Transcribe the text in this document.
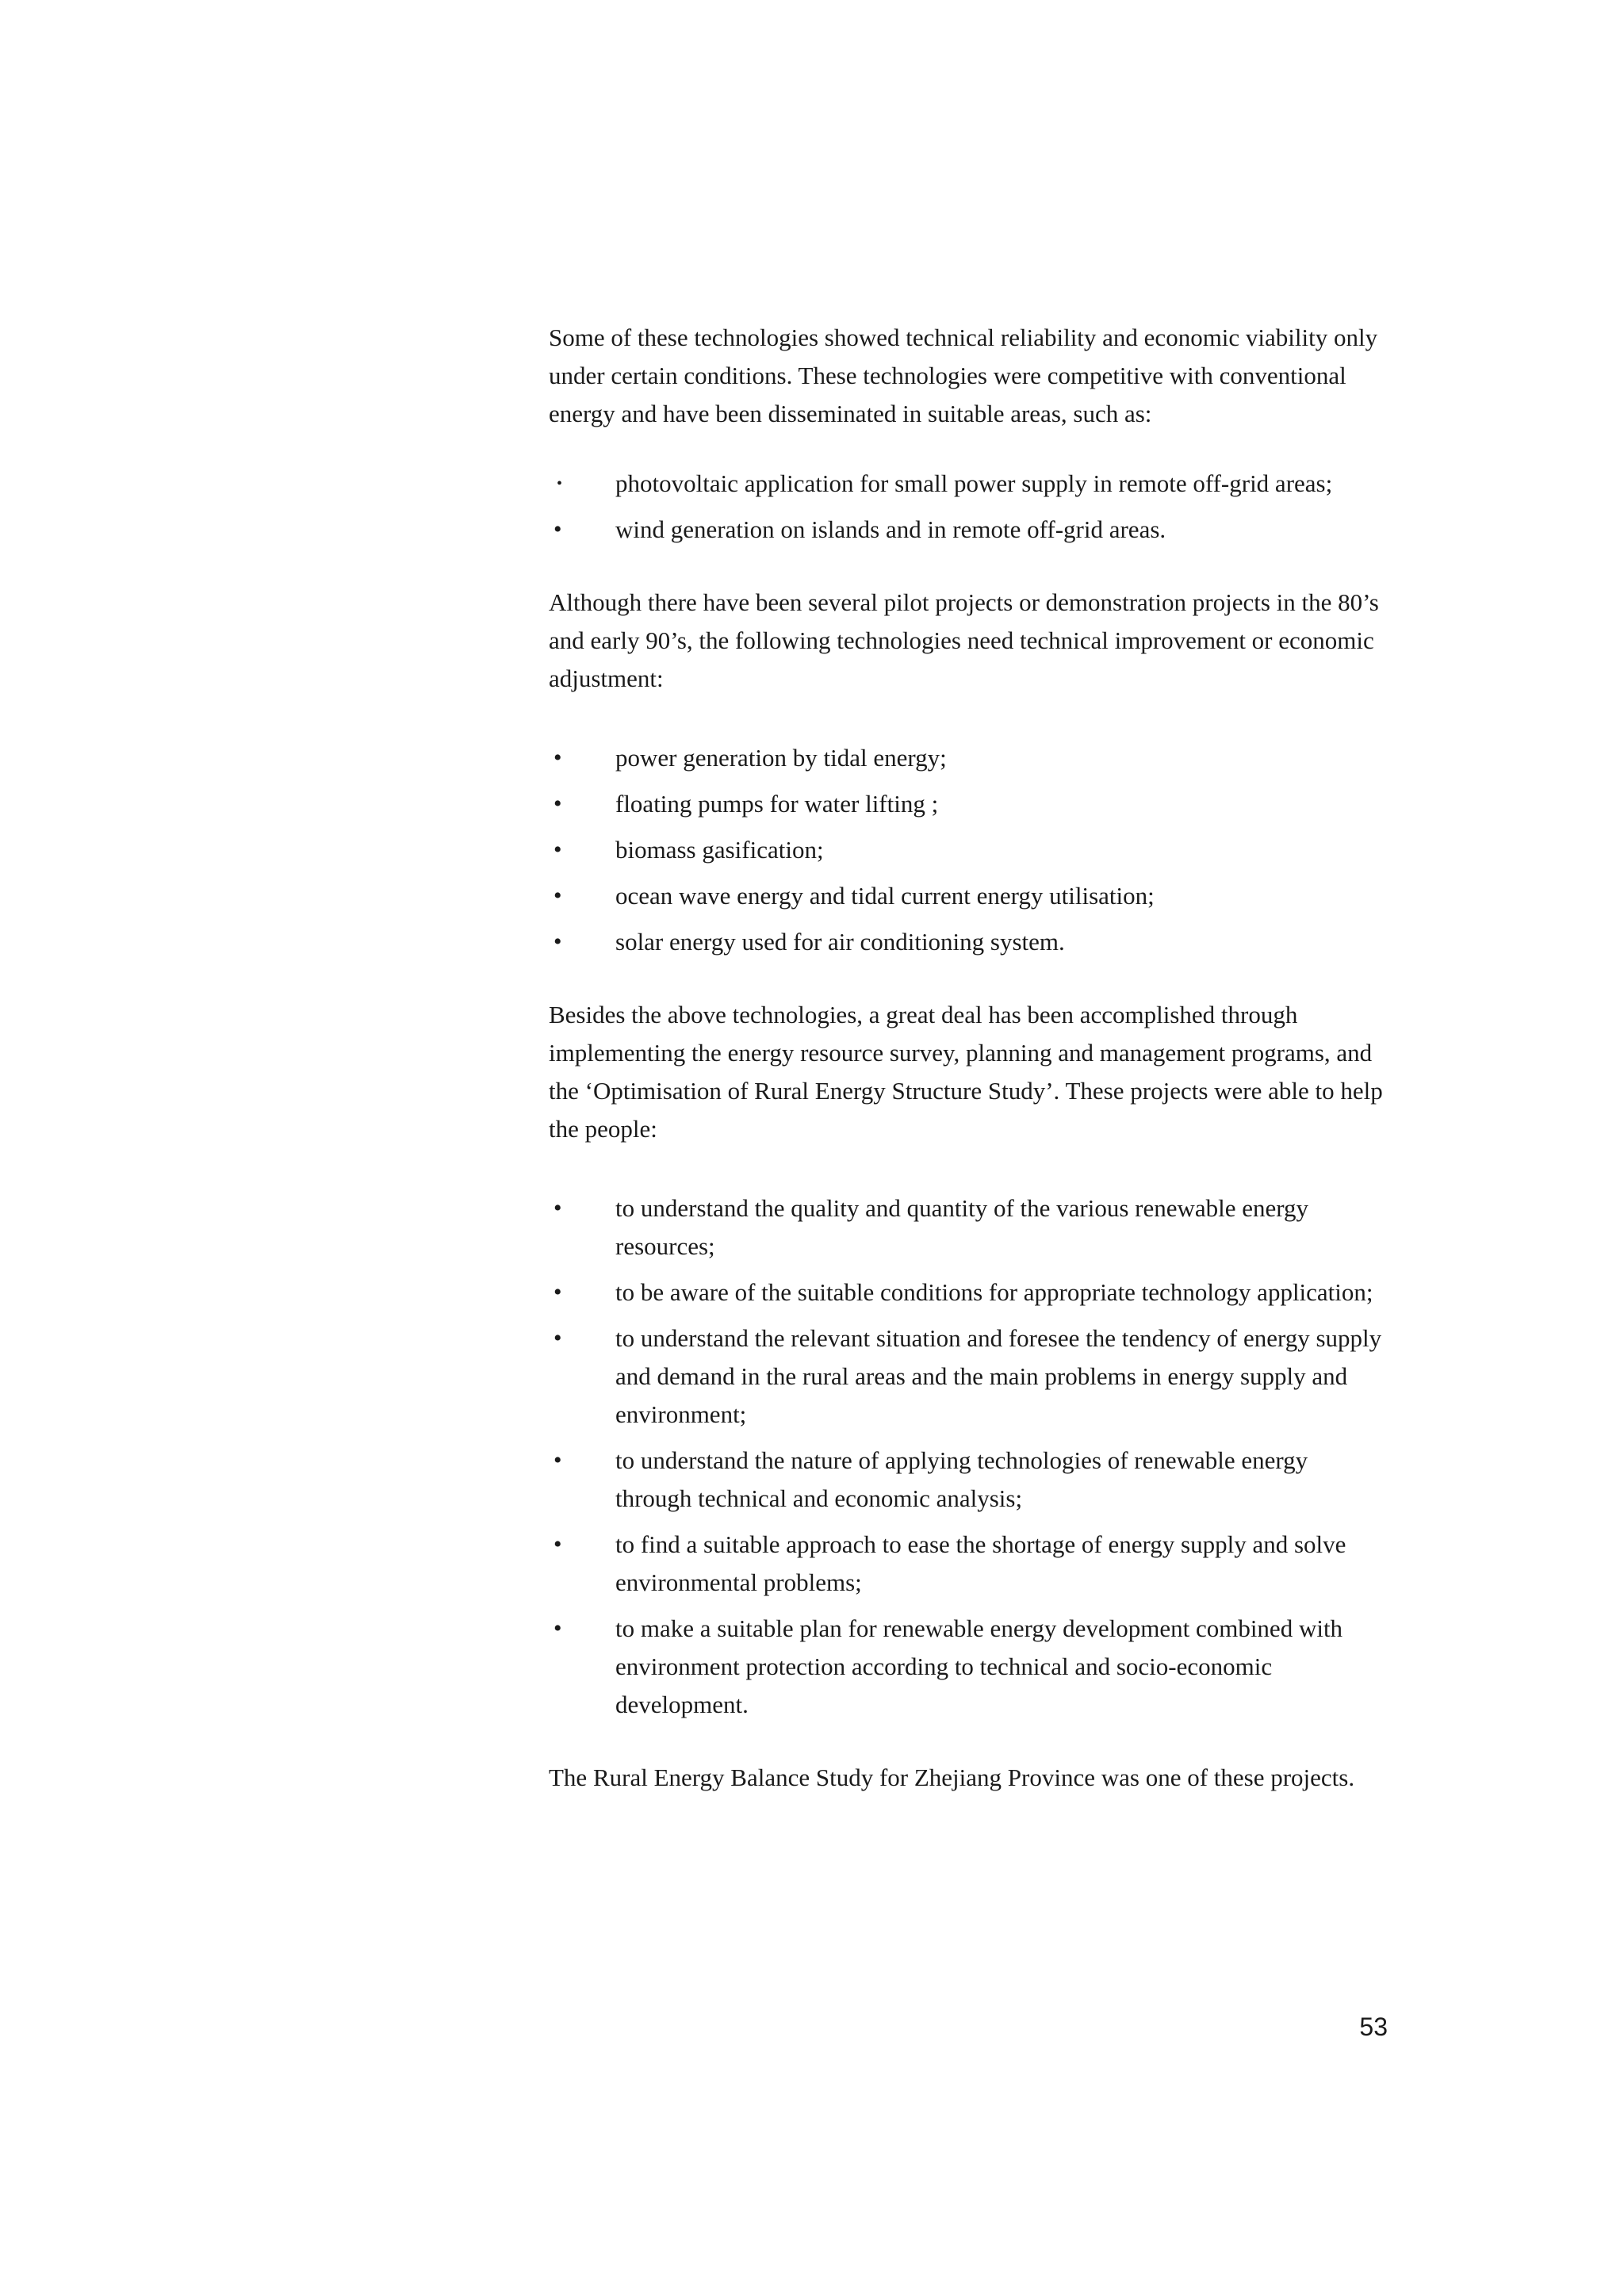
Some of these technologies showed technical reliability and economic viability only under certain conditions. These technologies were competitive with conventional energy and have been disseminated in suitable areas, such as:

• photovoltaic application for small power supply in remote off-grid areas;
• wind generation on islands and in remote off-grid areas.

Although there have been several pilot projects or demonstration projects in the 80’s and early 90’s, the following technologies need technical improvement or economic adjustment:

• power generation by tidal energy;
• floating pumps for water lifting ;
• biomass gasification;
• ocean wave energy and tidal current energy utilisation;
• solar energy used for air conditioning system.

Besides the above technologies, a great deal has been accomplished through implementing the energy resource survey, planning and management programs, and the ‘Optimisation of Rural Energy Structure Study’. These projects were able to help the people:

• to understand the quality and quantity of the various renewable energy resources;
• to be aware of the suitable conditions for appropriate technology application;
• to understand the relevant situation and foresee the tendency of energy supply and demand in the rural areas and the main problems in energy supply and environment;
• to understand the nature of applying technologies of renewable energy through technical and economic analysis;
• to find a suitable approach to ease the shortage of energy supply and solve environmental problems;
• to make a suitable plan for renewable energy development combined with environment protection according to technical and socio-economic development.

The Rural Energy Balance Study for Zhejiang Province was one of these projects.

53
